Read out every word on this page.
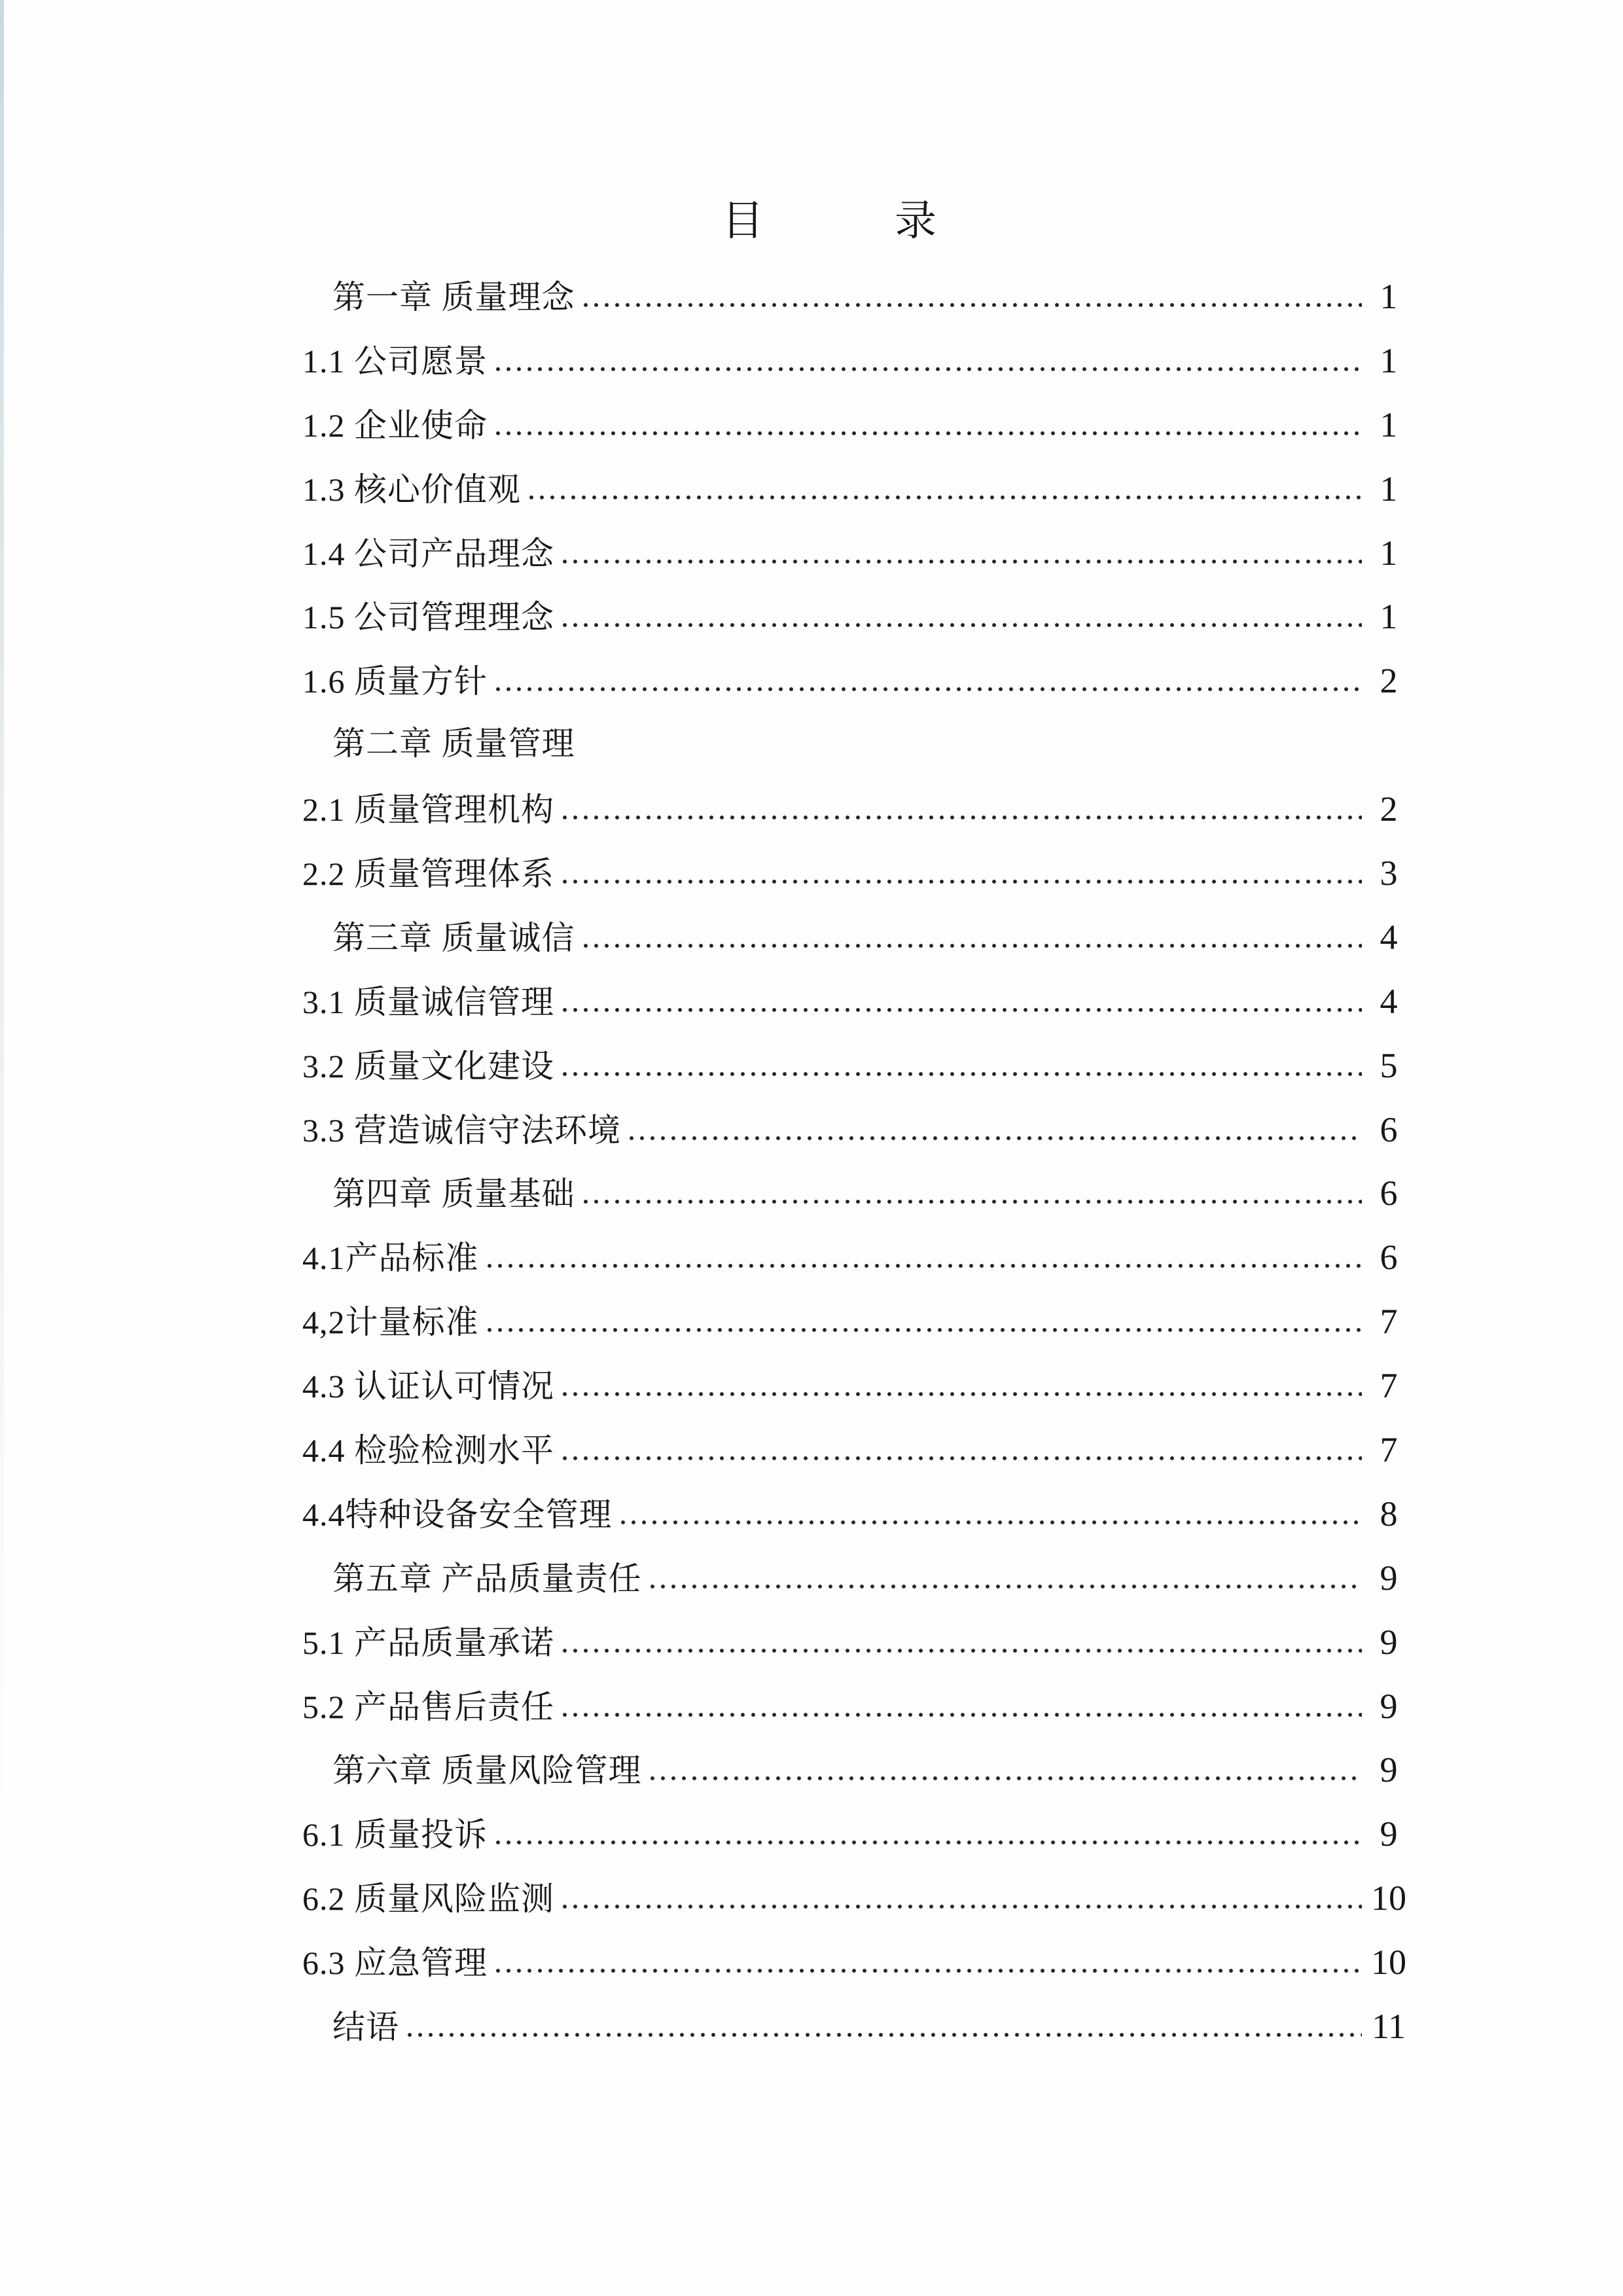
目　　　录
第一章 质量理念	1
1.1 公司愿景	1
1.2 企业使命	1
1.3 核心价值观	1
1.4 公司产品理念	1
1.5 公司管理理念	1
1.6 质量方针	2
第二章 质量管理
2.1 质量管理机构	2
2.2 质量管理体系	3
第三章 质量诚信	4
3.1 质量诚信管理	4
3.2 质量文化建设	5
3.3 营造诚信守法环境	6
第四章 质量基础	6
4.1产品标准	6
4,2计量标准	7
4.3 认证认可情况	7
4.4 检验检测水平	7
4.4特种设备安全管理	8
第五章 产品质量责任	9
5.1 产品质量承诺	9
5.2 产品售后责任	9
第六章 质量风险管理	9
6.1 质量投诉	9
6.2 质量风险监测	10
6.3 应急管理	10
结语	11
